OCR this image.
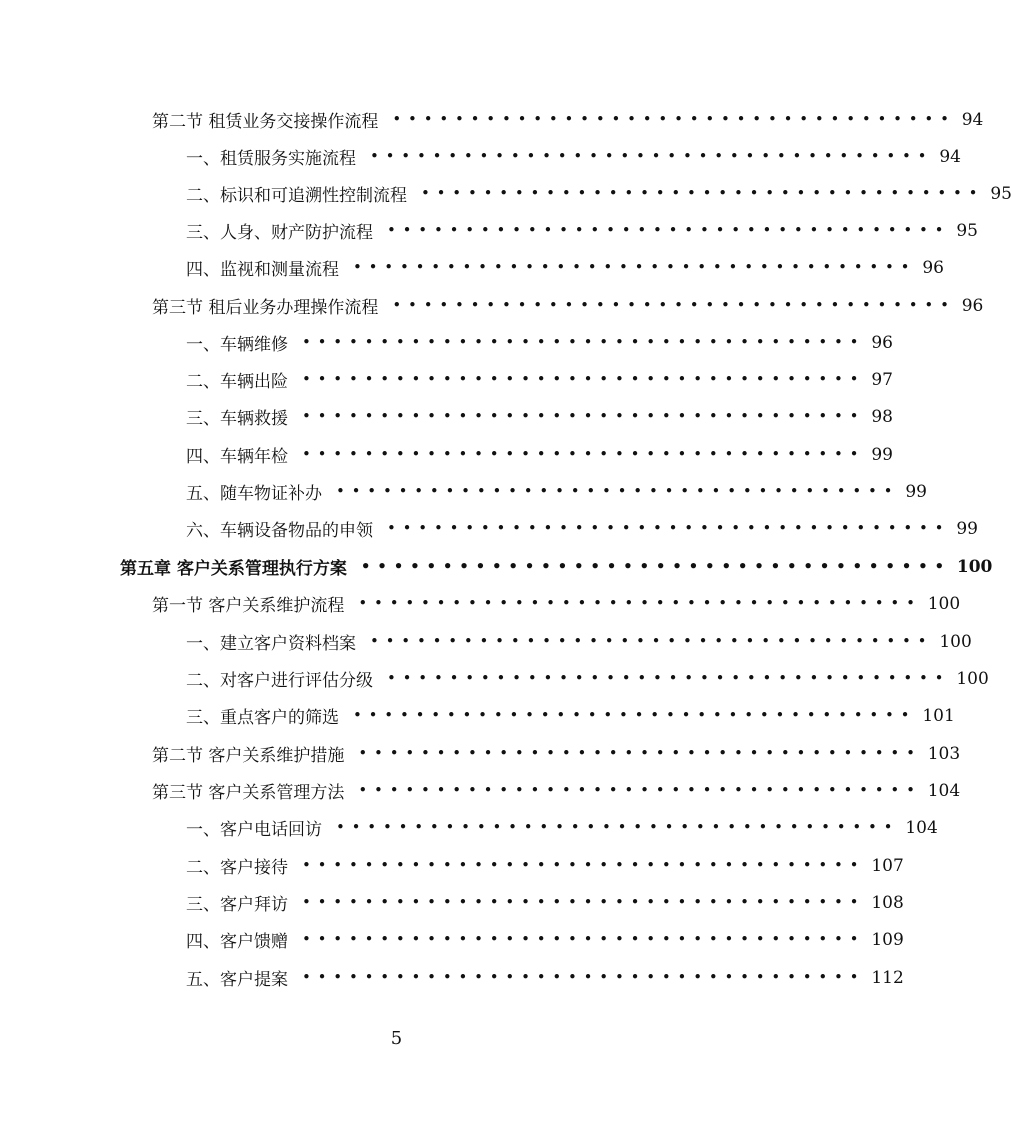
第二节 租赁业务交接操作流程 •••••••••••••••••••••••••••••••••••• 94
一、租赁服务实施流程 •••••••••••••••••••••••••••••••••••• 94
二、标识和可追溯性控制流程 •••••••••••••••••••••••••••••••••••• 95
三、人身、财产防护流程 •••••••••••••••••••••••••••••••••••• 95
四、监视和测量流程 •••••••••••••••••••••••••••••••••••• 96
第三节 租后业务办理操作流程 •••••••••••••••••••••••••••••••••••• 96
一、车辆维修 •••••••••••••••••••••••••••••••••••• 96
二、车辆出险 •••••••••••••••••••••••••••••••••••• 97
三、车辆救援 •••••••••••••••••••••••••••••••••••• 98
四、车辆年检 •••••••••••••••••••••••••••••••••••• 99
五、随车物证补办 •••••••••••••••••••••••••••••••••••• 99
六、车辆设备物品的申领 •••••••••••••••••••••••••••••••••••• 99
第五章 客户关系管理执行方案 •••••••••••••••••••••••••••••••••••• 100
第一节 客户关系维护流程 •••••••••••••••••••••••••••••••••••• 100
一、建立客户资料档案 •••••••••••••••••••••••••••••••••••• 100
二、对客户进行评估分级 •••••••••••••••••••••••••••••••••••• 100
三、重点客户的筛选 •••••••••••••••••••••••••••••••••••• 101
第二节 客户关系维护措施 •••••••••••••••••••••••••••••••••••• 103
第三节 客户关系管理方法 •••••••••••••••••••••••••••••••••••• 104
一、客户电话回访 •••••••••••••••••••••••••••••••••••• 104
二、客户接待 •••••••••••••••••••••••••••••••••••• 107
三、客户拜访 •••••••••••••••••••••••••••••••••••• 108
四、客户馈赠 •••••••••••••••••••••••••••••••••••• 109
五、客户提案 •••••••••••••••••••••••••••••••••••• 112
5
